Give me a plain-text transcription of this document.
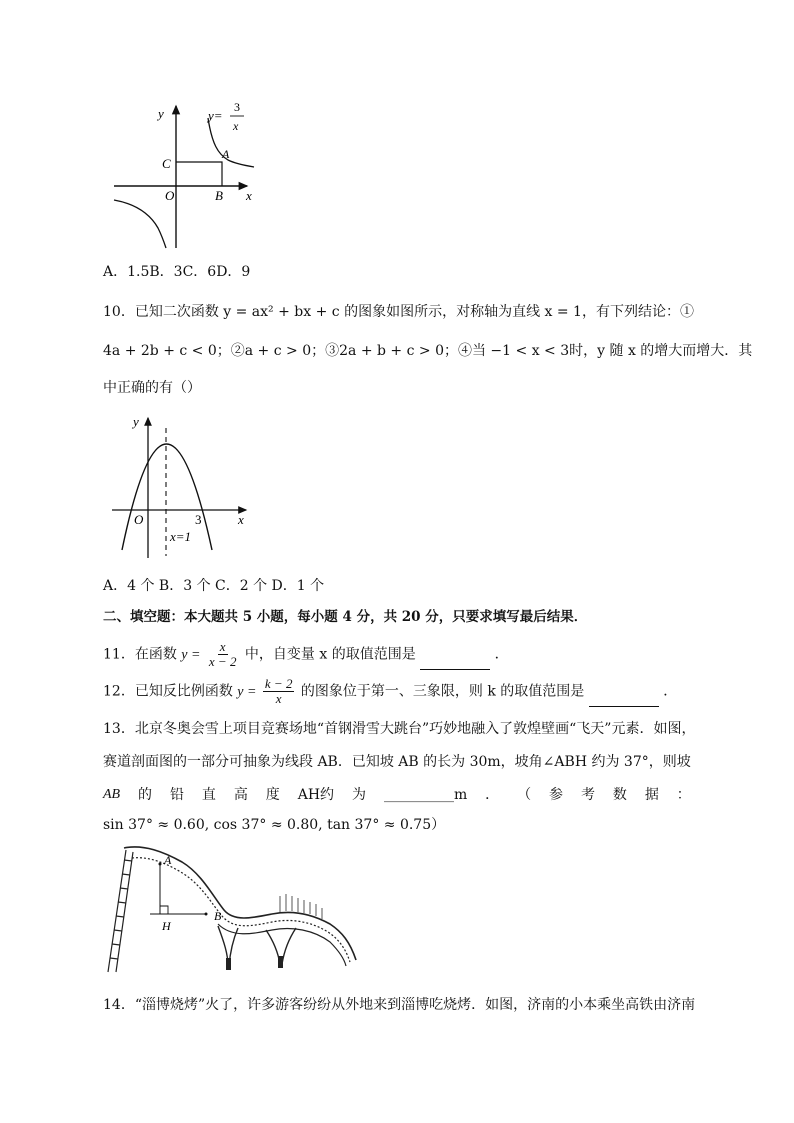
y
x
O
C
A
B
y=
3
x
A．1.5B．3C．6D．9
10．已知二次函数 y = ax² + bx + c 的图象如图所示，对称轴为直线 x = 1，有下列结论：①
4a + 2b + c < 0；②a + c > 0；③2a + b + c > 0；④当 −1 < x < 3时，y 随 x 的增大而增大．其
中正确的有（）
y
x
O	3
x=1
A．4 个 B．3 个 C．2 个 D．1 个
二、填空题：本大题共 5 小题，每小题 4 分，共 20 分，只要求填写最后结果．
11．在函数 $y = \frac{x}{x - 2}$ 中，自变量 x 的取值范围是	．
12．已知反比例函数 $y = \frac{k - 2}{x}$ 的图象位于第一、三象限，则 k 的取值范围是	．
13．北京冬奥会雪上项目竞赛场地“首钢滑雪大跳台”巧妙地融入了敦煌壁画“飞天”元素．如图，
赛道剖面图的一部分可抽象为线段 AB．已知坡 AB 的长为 30m，坡角∠ABH 约为 37°，则坡
AB 的 铅 直 高 度 AH约 为 __________m ． （ 参 考 数 据 ：
sin 37° ≈ 0.60, cos 37° ≈ 0.80, tan 37° ≈ 0.75）
A
B
H
14．“淄博烧烤”火了，许多游客纷纷从外地来到淄博吃烧烤．如图，济南的小本乘坐高铁由济南
